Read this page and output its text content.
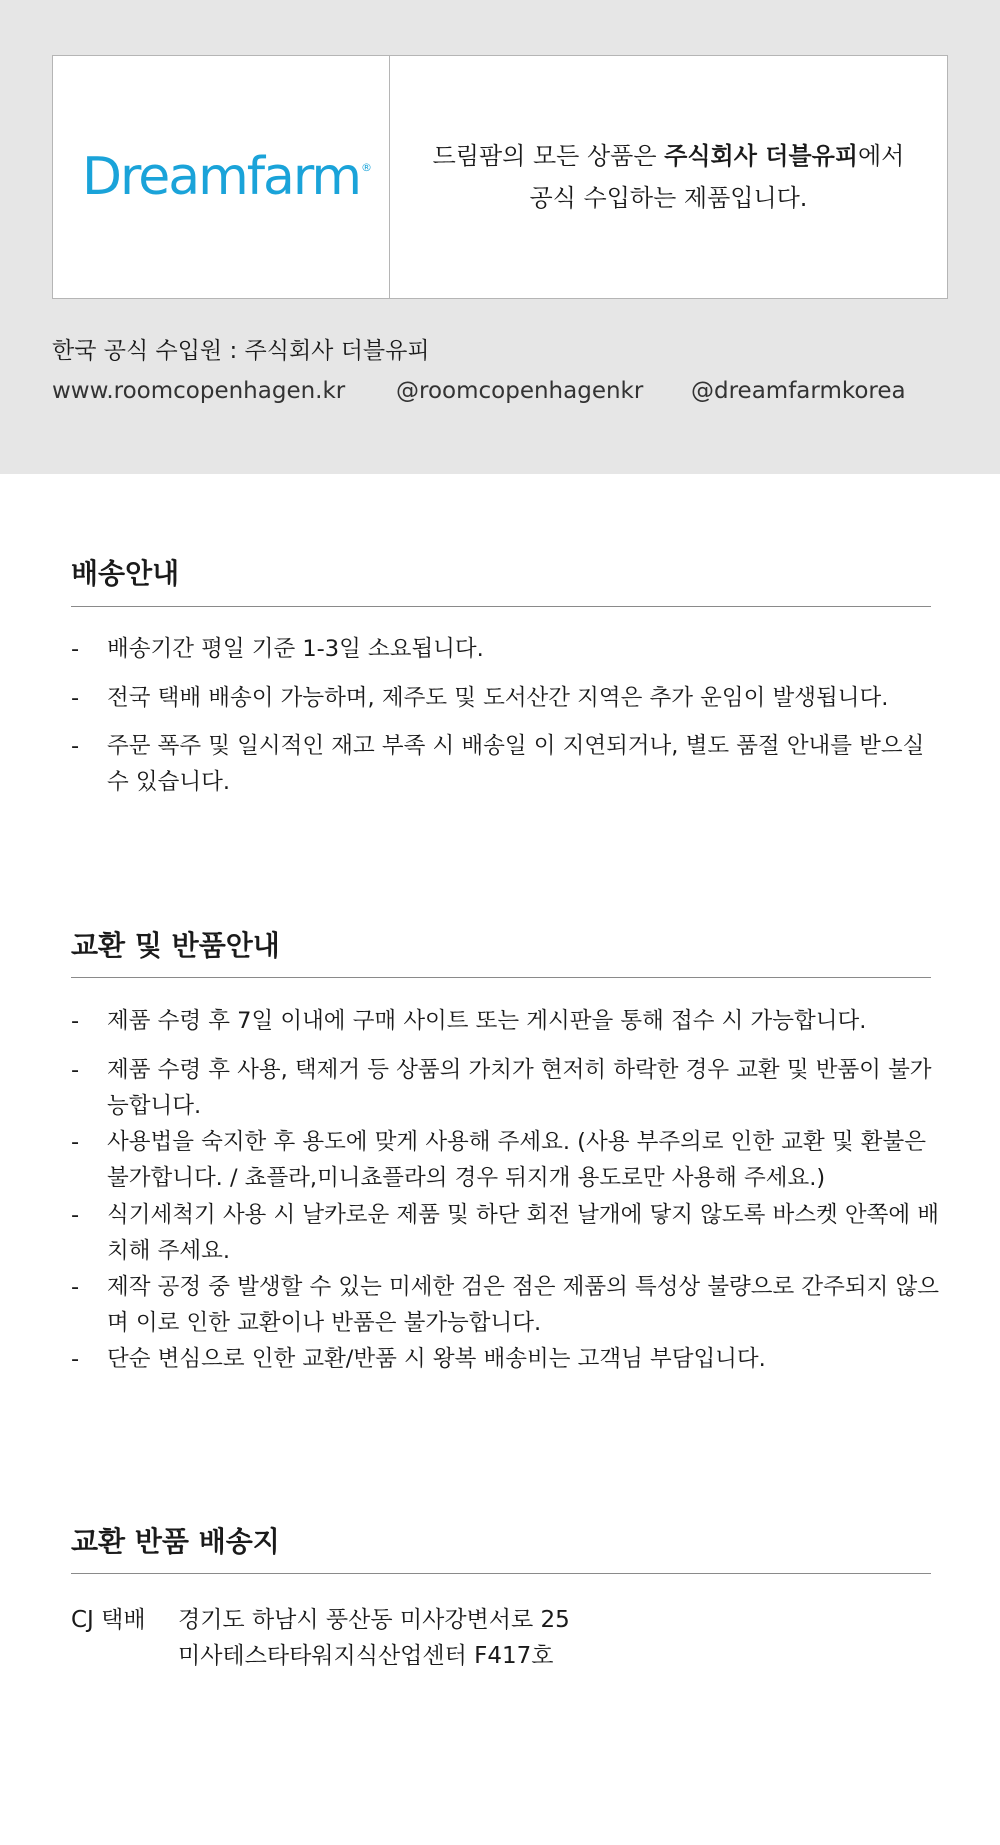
Dreamfarm ®	드림팜의 모든 상품은 주식회사 더블유피에서
공식 수입하는 제품입니다.
한국 공식 수입원 : 주식회사 더블유피
www.roomcopenhagen.kr @roomcopenhagenkr @dreamfarmkorea
배송안내
- 배송기간 평일 기준 1-3일 소요됩니다.
- 전국 택배 배송이 가능하며, 제주도 및 도서산간 지역은 추가 운임이 발생됩니다.
- 주문 폭주 및 일시적인 재고 부족 시 배송일 이 지연되거나, 별도 품절 안내를 받으실 수 있습니다.
교환 및 반품안내
- 제품 수령 후 7일 이내에 구매 사이트 또는 게시판을 통해 접수 시 가능합니다.
- 제품 수령 후 사용, 택제거 등 상품의 가치가 현저히 하락한 경우 교환 및 반품이 불가능합니다.
- 사용법을 숙지한 후 용도에 맞게 사용해 주세요. (사용 부주의로 인한 교환 및 환불은 불가합니다. / 쵸플라,미니쵸플라의 경우 뒤지개 용도로만 사용해 주세요.)
- 식기세척기 사용 시 날카로운 제품 및 하단 회전 날개에 닿지 않도록 바스켓 안쪽에 배치해 주세요.
- 제작 공정 중 발생할 수 있는 미세한 검은 점은 제품의 특성상 불량으로 간주되지 않으며 이로 인한 교환이나 반품은 불가능합니다.
- 단순 변심으로 인한 교환/반품 시 왕복 배송비는 고객님 부담입니다.
교환 반품 배송지
CJ 택배 경기도 하남시 풍산동 미사강변서로 25
미사테스타타워지식산업센터 F417호
